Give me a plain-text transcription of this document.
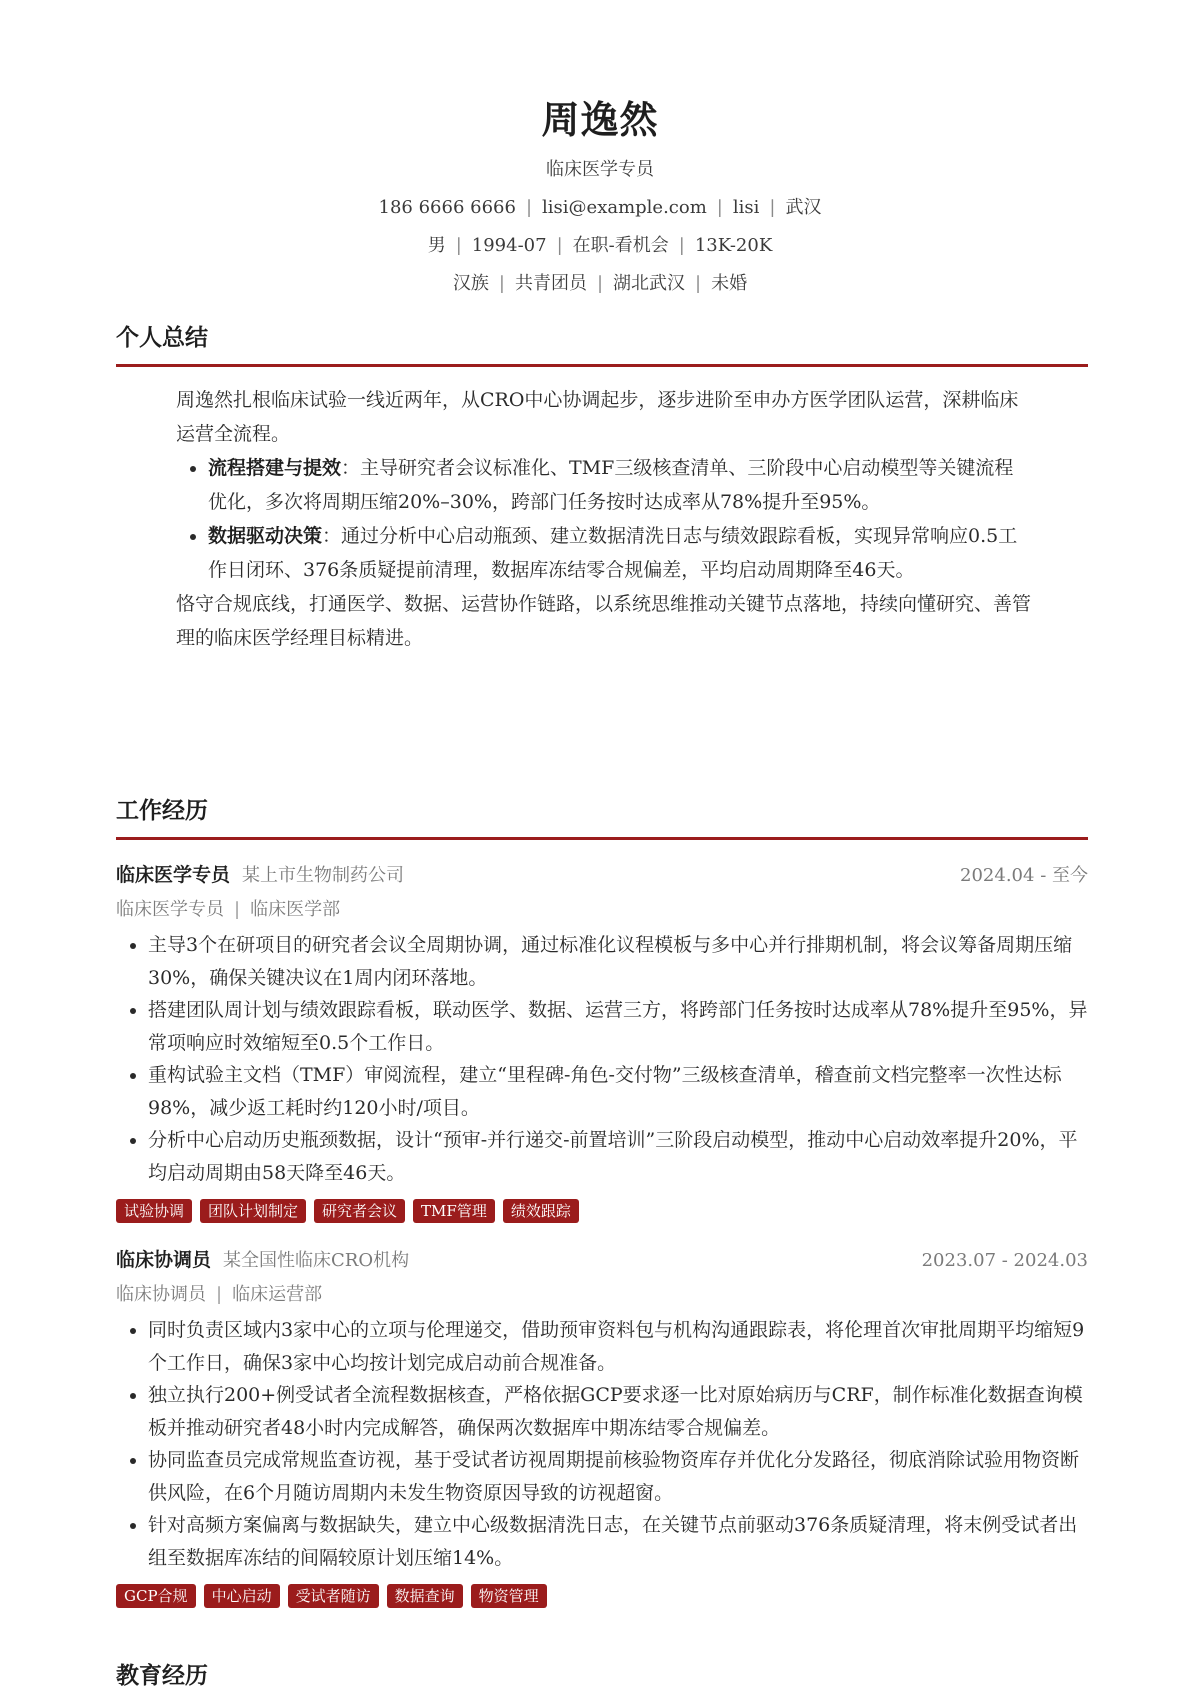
周逸然
临床医学专员
186 6666 6666 | lisi@example.com | lisi | 武汉
男 | 1994-07 | 在职-看机会 | 13K-20K
汉族 | 共青团员 | 湖北武汉 | 未婚
个人总结

周逸然扎根临床试验一线近两年，从CRO中心协调起步，逐步进阶至申办方医学团队运营，深耕临床运营全流程。

• 流程搭建与提效：主导研究者会议标准化、TMF三级核查清单、三阶段中心启动模型等关键流程优化，多次将周期压缩20%–30%，跨部门任务按时达成率从78%提升至95%。
• 数据驱动决策：通过分析中心启动瓶颈、建立数据清洗日志与绩效跟踪看板，实现异常响应0.5工作日闭环、376条质疑提前清理，数据库冻结零合规偏差，平均启动周期降至46天。

恪守合规底线，打通医学、数据、运营协作链路，以系统思维推动关键节点落地，持续向懂研究、善管理的临床医学经理目标精进。

工作经历
临床医学专员 某上市生物制药公司	2024.04 - 至今
临床医学专员 | 临床医学部
• 主导3个在研项目的研究者会议全周期协调，通过标准化议程模板与多中心并行排期机制，将会议筹备周期压缩30%，确保关键决议在1周内闭环落地。
• 搭建团队周计划与绩效跟踪看板，联动医学、数据、运营三方，将跨部门任务按时达成率从78%提升至95%，异常项响应时效缩短至0.5个工作日。
• 重构试验主文档（TMF）审阅流程，建立“里程碑-角色-交付物”三级核查清单，稽查前文档完整率一次性达标98%，减少返工耗时约120小时/项目。
• 分析中心启动历史瓶颈数据，设计“预审-并行递交-前置培训”三阶段启动模型，推动中心启动效率提升20%，平均启动周期由58天降至46天。
试验协调	团队计划制定	研究者会议	TMF管理	绩效跟踪
临床协调员 某全国性临床CRO机构	2023.07 - 2024.03
临床协调员 | 临床运营部
• 同时负责区域内3家中心的立项与伦理递交，借助预审资料包与机构沟通跟踪表，将伦理首次审批周期平均缩短9个工作日，确保3家中心均按计划完成启动前合规准备。
• 独立执行200+例受试者全流程数据核查，严格依据GCP要求逐一比对原始病历与CRF，制作标准化数据查询模板并推动研究者48小时内完成解答，确保两次数据库中期冻结零合规偏差。
• 协同监查员完成常规监查访视，基于受试者访视周期提前核验物资库存并优化分发路径，彻底消除试验用物资断供风险，在6个月随访周期内未发生物资原因导致的访视超窗。
• 针对高频方案偏离与数据缺失，建立中心级数据清洗日志，在关键节点前驱动376条质疑清理，将末例受试者出组至数据库冻结的间隔较原计划压缩14%。
GCP合规	中心启动	受试者随访	数据查询	物资管理
教育经历
